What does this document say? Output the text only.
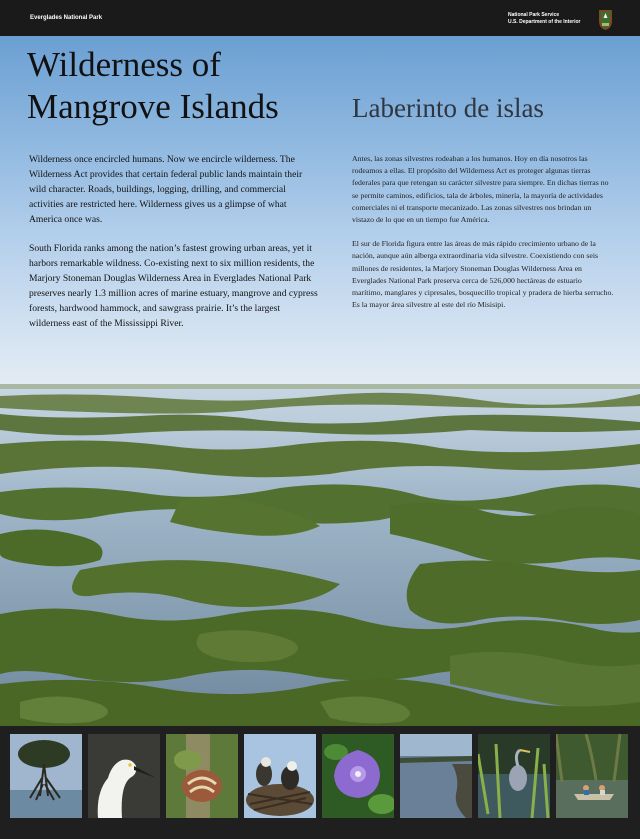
Everglades National Park	National Park Service
U.S. Department of the Interior
Wilderness of
Mangrove Islands	Laberinto de islas

Wilderness once encircled humans. Now we encircle wilderness. The Wilderness Act provides that certain federal public lands maintain their wild character. Roads, buildings, logging, drilling, and commercial activities are restricted here. Wilderness gives us a glimpse of what America once was.

South Florida ranks among the nation’s fastest growing urban areas, yet it harbors remarkable wildness. Co-existing next to six million residents, the Marjory Stoneman Douglas Wilderness Area in Everglades National Park preserves nearly 1.3 million acres of marine estuary, mangrove and cypress forests, hardwood hammock, and sawgrass prairie. It’s the largest wilderness east of the Mississippi River.

Antes, las zonas silvestres rodeaban a los humanos. Hoy en día nosotros las rodeamos a ellas. El propósito del Wilderness Act es proteger algunas tierras federales para que retengan su carácter silvestre para siempre. En dichas tierras no se permite caminos, edificios, tala de árboles, minería, la mayoría de actividades comerciales ni el transporte mecanizado. Las zonas silvestres nos brindan un vistazo de lo que en un tiempo fue América.

El sur de Florida figura entre las áreas de más rápido crecimiento urbano de la nación, aunque aún alberga extraordinaria vida silvestre. Coexistiendo con seis millones de residentes, la Marjory Stoneman Douglas Wilderness Area en Everglades National Park preserva cerca de 526,000 hectáreas de estuario marítimo, manglares y cipresales, bosquecillo tropical y pradera de hierba serrucho. Es la mayor área silvestre al este del río Misisipi.
